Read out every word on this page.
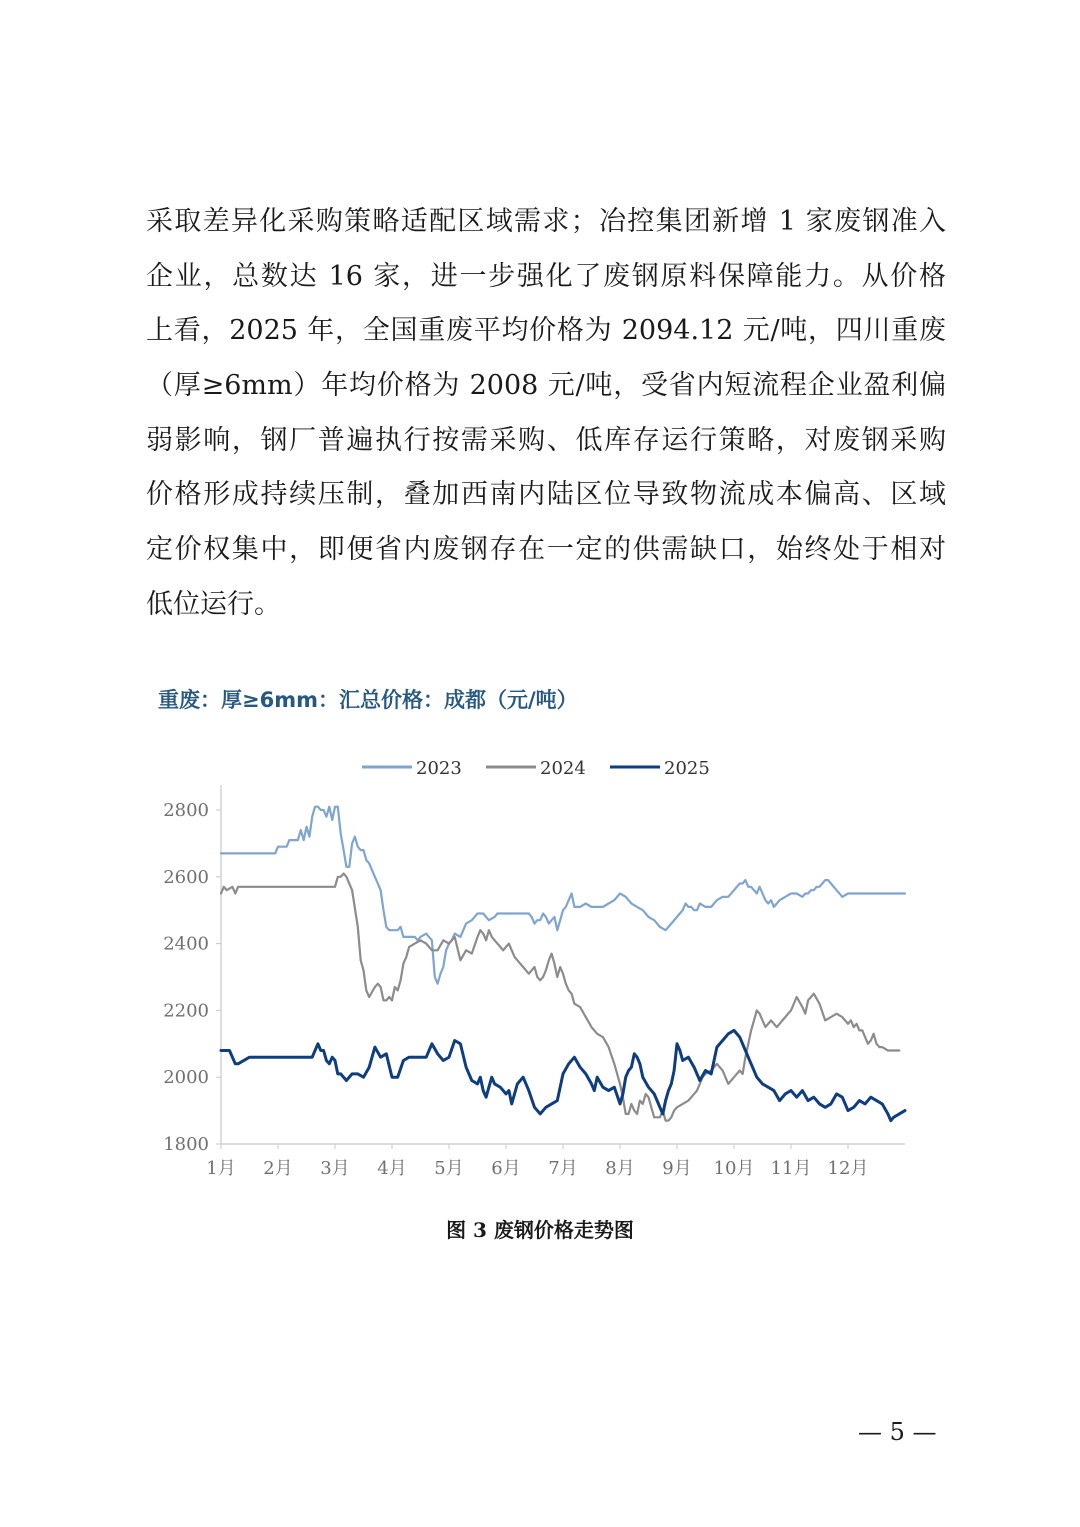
采取差异化采购策略适配区域需求；冶控集团新增 1 家废钢准入
企业，总数达 16 家，进一步强化了废钢原料保障能力。从价格
上看，2025 年，全国重废平均价格为 2094.12 元/吨，四川重废
（厚≥6mm）年均价格为 2008 元/吨，受省内短流程企业盈利偏
弱影响，钢厂普遍执行按需采购、低库存运行策略，对废钢采购
价格形成持续压制，叠加西南内陆区位导致物流成本偏高、区域
定价权集中，即便省内废钢存在一定的供需缺口，始终处于相对
低位运行。
重废：厚≥6mm：汇总价格：成都（元/吨）
2800
2600
2400
2200
2000
1800
1月 2月 3月 4月 5月 6月 7月 8月 9月 10月 11月 12月
2023	2024	2025
图 3 废钢价格走势图
— 5 —
